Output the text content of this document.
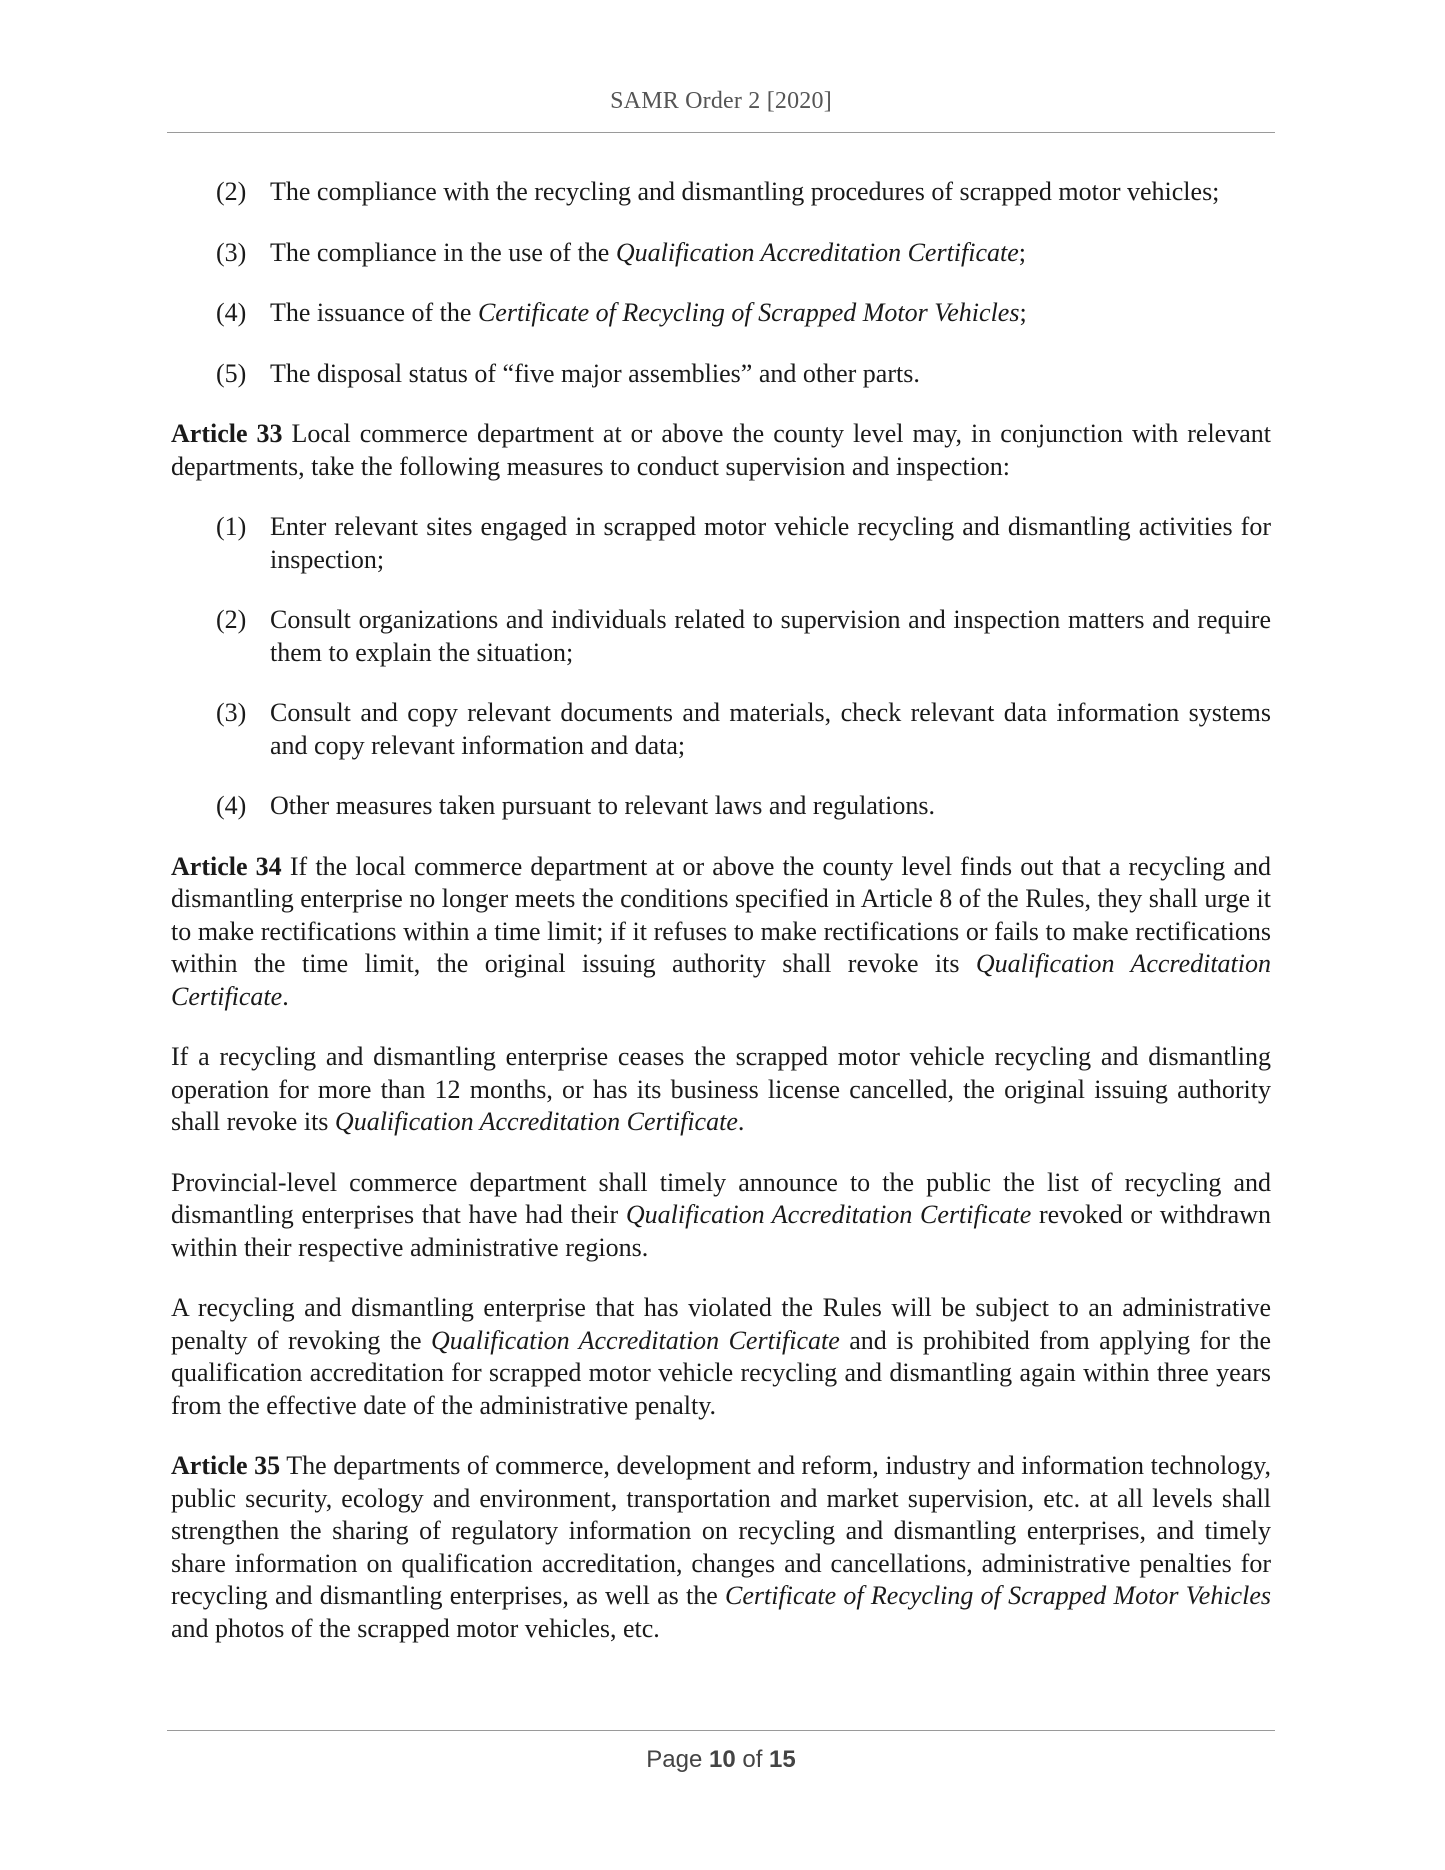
SAMR Order 2 [2020]
(2) The compliance with the recycling and dismantling procedures of scrapped motor vehicles;
(3) The compliance in the use of the Qualification Accreditation Certificate;
(4) The issuance of the Certificate of Recycling of Scrapped Motor Vehicles;
(5) The disposal status of “five major assemblies” and other parts.

Article 33 Local commerce department at or above the county level may, in conjunction with relevant departments, take the following measures to conduct supervision and inspection:

(1) Enter relevant sites engaged in scrapped motor vehicle recycling and dismantling activities for inspection;
(2) Consult organizations and individuals related to supervision and inspection matters and require them to explain the situation;
(3) Consult and copy relevant documents and materials, check relevant data information systems and copy relevant information and data;
(4) Other measures taken pursuant to relevant laws and regulations.

Article 34 If the local commerce department at or above the county level finds out that a recycling and dismantling enterprise no longer meets the conditions specified in Article 8 of the Rules, they shall urge it to make rectifications within a time limit; if it refuses to make rectifications or fails to make rectifications within the time limit, the original issuing authority shall revoke its Qualification Accreditation Certificate.

If a recycling and dismantling enterprise ceases the scrapped motor vehicle recycling and dismantling operation for more than 12 months, or has its business license cancelled, the original issuing authority shall revoke its Qualification Accreditation Certificate.

Provincial-level commerce department shall timely announce to the public the list of recycling and dismantling enterprises that have had their Qualification Accreditation Certificate revoked or withdrawn within their respective administrative regions.

A recycling and dismantling enterprise that has violated the Rules will be subject to an administrative penalty of revoking the Qualification Accreditation Certificate and is prohibited from applying for the qualification accreditation for scrapped motor vehicle recycling and dismantling again within three years from the effective date of the administrative penalty.

Article 35 The departments of commerce, development and reform, industry and information technology, public security, ecology and environment, transportation and market supervision, etc. at all levels shall strengthen the sharing of regulatory information on recycling and dismantling enterprises, and timely share information on qualification accreditation, changes and cancellations, administrative penalties for recycling and dismantling enterprises, as well as the Certificate of Recycling of Scrapped Motor Vehicles and photos of the scrapped motor vehicles, etc.

Page 10 of 15
